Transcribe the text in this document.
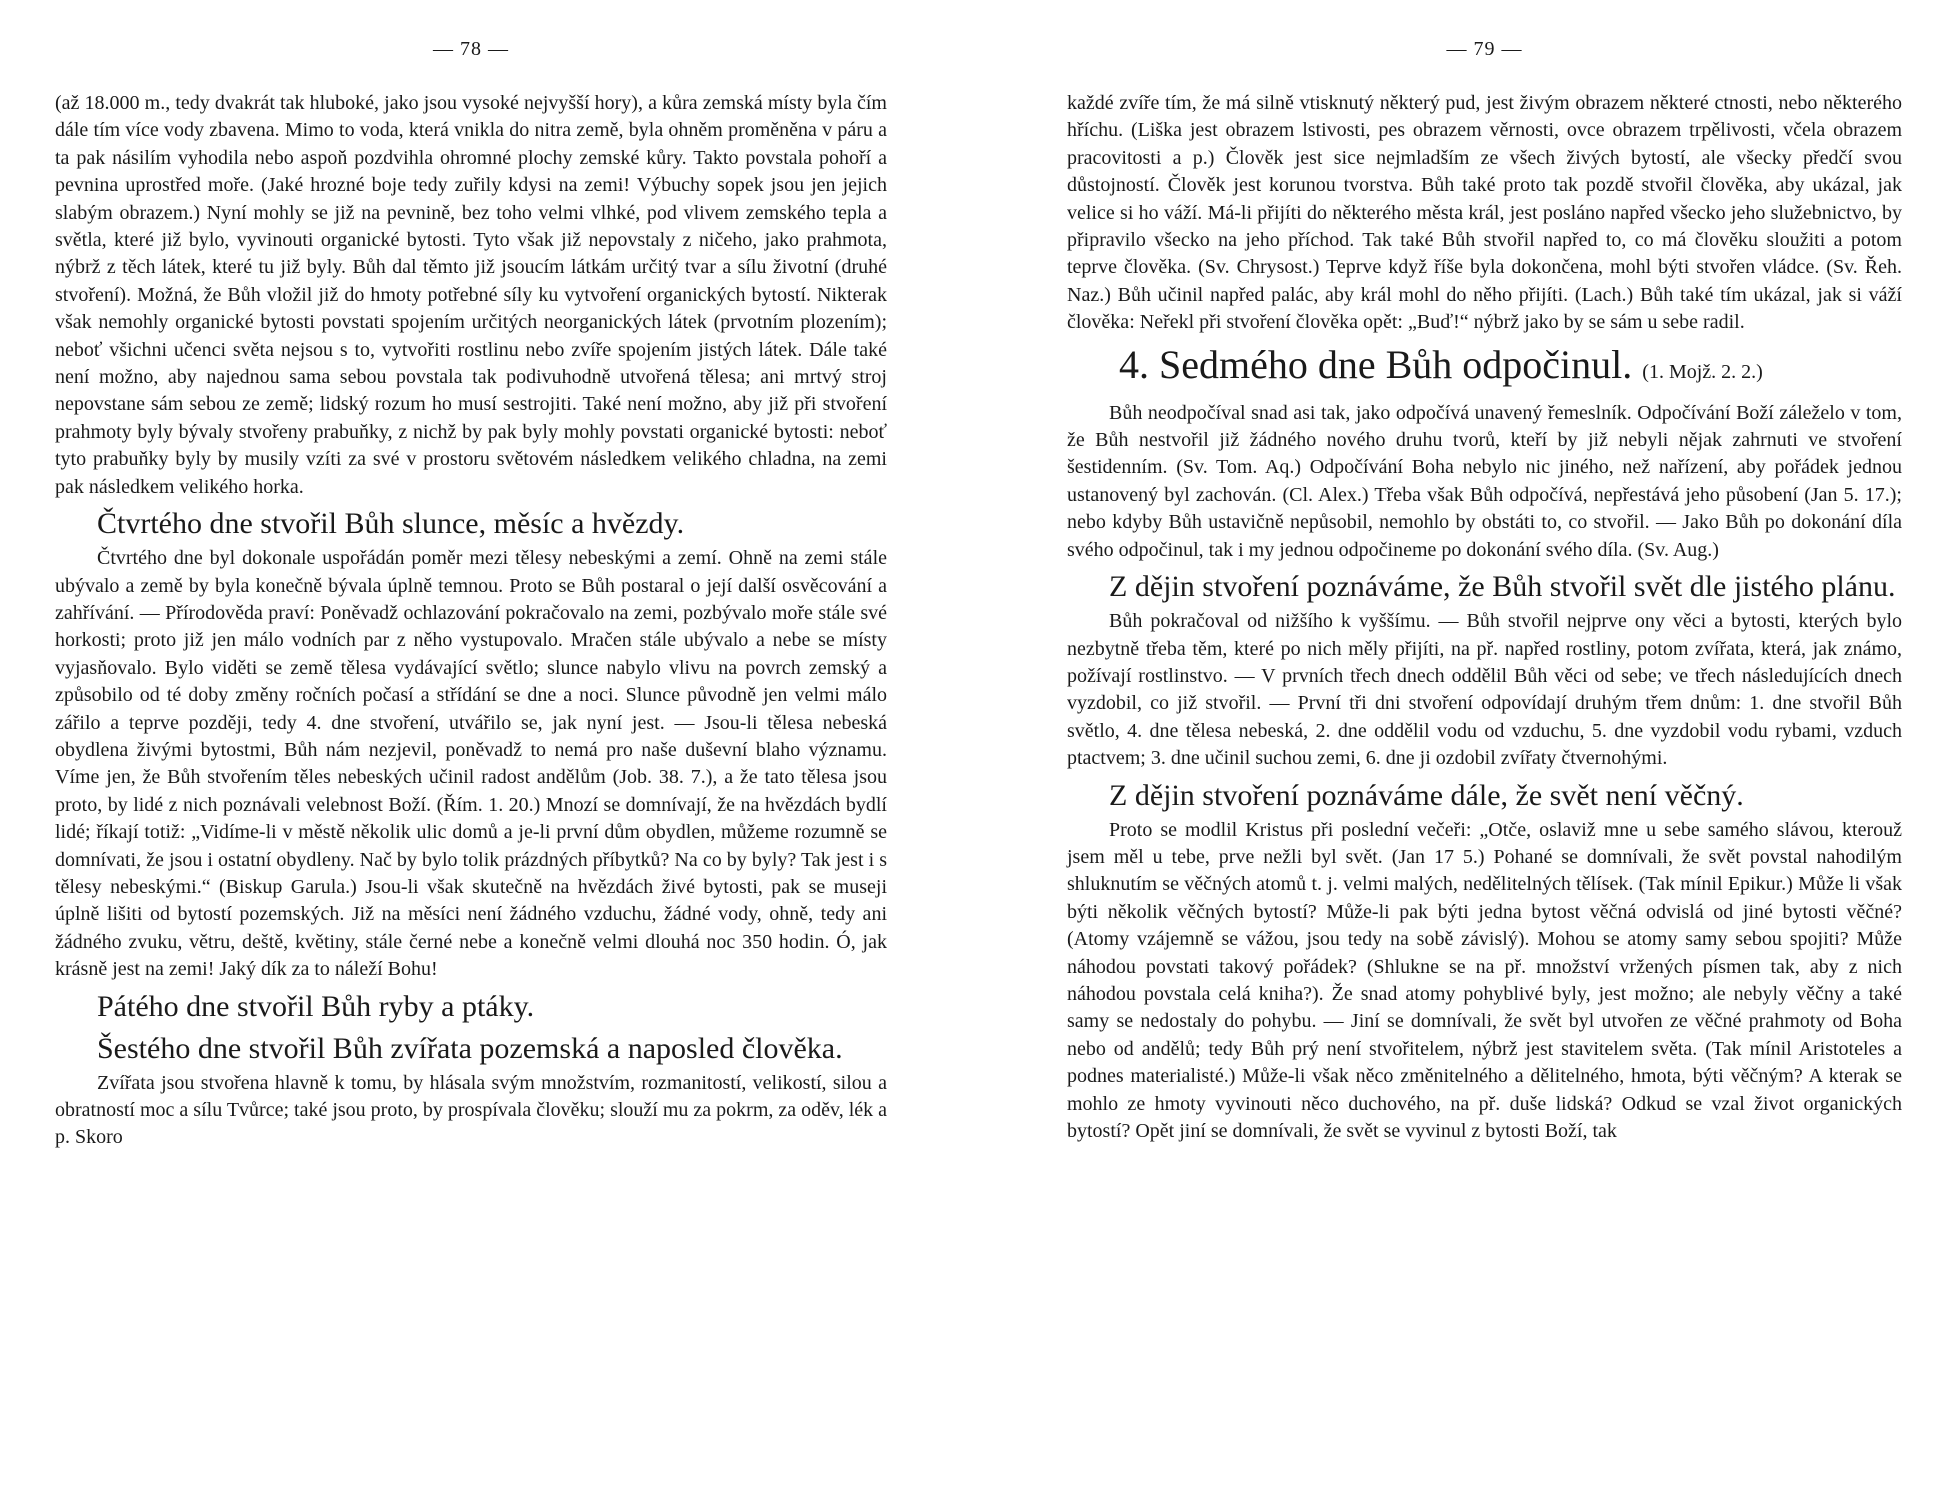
— 78 —

(až 18.000 m., tedy dvakrát tak hluboké, jako jsou vysoké nejvyšší hory), a kůra zemská místy byla čím dále tím více vody zbavena. Mimo to voda, která vnikla do nitra země, byla ohněm proměněna v páru a ta pak násilím vyhodila nebo aspoň pozdvihla ohromné plochy zemské kůry. Takto povstala pohoří a pevnina uprostřed moře. (Jaké hrozné boje tedy zuřily kdysi na zemi! Výbuchy sopek jsou jen jejich slabým obrazem.) Nyní mohly se již na pevnině, bez toho velmi vlhké, pod vlivem zemského tepla a světla, které již bylo, vyvinouti organické bytosti. Tyto však již nepovstaly z ničeho, jako prahmota, nýbrž z těch látek, které tu již byly. Bůh dal těmto již jsoucím látkám určitý tvar a sílu životní (druhé stvoření). Možná, že Bůh vložil již do hmoty potřebné síly ku vytvoření organických bytostí. Nikterak však nemohly organické bytosti povstati spojením určitých neorganických látek (prvotním plozením); neboť všichni učenci světa nejsou s to, vytvořiti rostlinu nebo zvíře spojením jistých látek. Dále také není možno, aby najednou sama sebou povstala tak podivuhodně utvořená tělesa; ani mrtvý stroj nepovstane sám sebou ze země; lidský rozum ho musí sestrojiti. Také není možno, aby již při stvoření prahmoty byly bývaly stvořeny prabuňky, z nichž by pak byly mohly povstati organické bytosti: neboť tyto prabuňky byly by musily vzíti za své v prostoru světovém následkem velikého chladna, na zemi pak následkem velikého horka.

Čtvrtého dne stvořil Bůh slunce, měsíc a hvězdy.

Čtvrtého dne byl dokonale uspořádán poměr mezi tělesy nebeskými a zemí. Ohně na zemi stále ubývalo a země by byla konečně bývala úplně temnou. Proto se Bůh postaral o její další osvěcování a zahřívání. — Přírodověda praví: Poněvadž ochlazování pokračovalo na zemi, pozbývalo moře stále své horkosti; proto již jen málo vodních par z něho vystupovalo. Mračen stále ubývalo a nebe se místy vyjasňovalo. Bylo viděti se země tělesa vydávající světlo; slunce nabylo vlivu na povrch zemský a způsobilo od té doby změny ročních počasí a střídání se dne a noci. Slunce původně jen velmi málo zářilo a teprve později, tedy 4. dne stvoření, utvářilo se, jak nyní jest. — Jsou-li tělesa nebeská obydlena živými bytostmi, Bůh nám nezjevil, poněvadž to nemá pro naše duševní blaho významu. Víme jen, že Bůh stvořením těles nebeských učinil radost andělům (Job. 38. 7.), a že tato tělesa jsou proto, by lidé z nich poznávali velebnost Boží. (Řím. 1. 20.) Mnozí se domnívají, že na hvězdách bydlí lidé; říkají totiž: „Vidíme-li v městě několik ulic domů a je-li první dům obydlen, můžeme rozumně se domnívati, že jsou i ostatní obydleny. Nač by bylo tolik prázdných příbytků? Na co by byly? Tak jest i s tělesy nebeskými.“ (Biskup Garula.) Jsou-li však skutečně na hvězdách živé bytosti, pak se museji úplně lišiti od bytostí pozemských. Již na měsíci není žádného vzduchu, žádné vody, ohně, tedy ani žádného zvuku, větru, deště, květiny, stále černé nebe a konečně velmi dlouhá noc 350 hodin. Ó, jak krásně jest na zemi! Jaký dík za to náleží Bohu!

Pátého dne stvořil Bůh ryby a ptáky.
Šestého dne stvořil Bůh zvířata pozemská a naposled člověka.

Zvířata jsou stvořena hlavně k tomu, by hlásala svým množstvím, rozmanitostí, velikostí, silou a obratností moc a sílu Tvůrce; také jsou proto, by prospívala člověku; slouží mu za pokrm, za oděv, lék a p. Skoro

— 79 —

každé zvíře tím, že má silně vtisknutý některý pud, jest živým obrazem některé ctnosti, nebo některého hříchu. (Liška jest obrazem lstivosti, pes obrazem věrnosti, ovce obrazem trpělivosti, včela obrazem pracovitosti a p.) Člověk jest sice nejmladším ze všech živých bytostí, ale všecky předčí svou důstojností. Člověk jest korunou tvorstva. Bůh také proto tak pozdě stvořil člověka, aby ukázal, jak velice si ho váží. Má-li přijíti do některého města král, jest posláno napřed všecko jeho služebnictvo, by připravilo všecko na jeho příchod. Tak také Bůh stvořil napřed to, co má člověku sloužiti a potom teprve člověka. (Sv. Chrysost.) Teprve když říše byla dokončena, mohl býti stvořen vládce. (Sv. Řeh. Naz.) Bůh učinil napřed palác, aby král mohl do něho přijíti. (Lach.) Bůh také tím ukázal, jak si váží člověka: Neřekl při stvoření člověka opět: „Buď!“ nýbrž jako by se sám u sebe radil.

4. Sedmého dne Bůh odpočinul. (1. Mojž. 2. 2.)

Bůh neodpočíval snad asi tak, jako odpočívá unavený řemeslník. Odpočívání Boží záleželo v tom, že Bůh nestvořil již žádného nového druhu tvorů, kteří by již nebyli nějak zahrnuti ve stvoření šestidenním. (Sv. Tom. Aq.) Odpočívání Boha nebylo nic jiného, než nařízení, aby pořádek jednou ustanovený byl zachován. (Cl. Alex.) Třeba však Bůh odpočívá, nepřestává jeho působení (Jan 5. 17.); nebo kdyby Bůh ustavičně nepůsobil, nemohlo by obstáti to, co stvořil. — Jako Bůh po dokonání díla svého odpočinul, tak i my jednou odpočineme po dokonání svého díla. (Sv. Aug.)

Z dějin stvoření poznáváme, že Bůh stvořil svět dle jistého plánu.

Bůh pokračoval od nižšího k vyššímu. — Bůh stvořil nejprve ony věci a bytosti, kterých bylo nezbytně třeba těm, které po nich měly přijíti, na př. napřed rostliny, potom zvířata, která, jak známo, požívají rostlinstvo. — V prvních třech dnech oddělil Bůh věci od sebe; ve třech následujících dnech vyzdobil, co již stvořil. — První tři dni stvoření odpovídají druhým třem dnům: 1. dne stvořil Bůh světlo, 4. dne tělesa nebeská, 2. dne oddělil vodu od vzduchu, 5. dne vyzdobil vodu rybami, vzduch ptactvem; 3. dne učinil suchou zemi, 6. dne ji ozdobil zvířaty čtvernohými.

Z dějin stvoření poznáváme dále, že svět není věčný.

Proto se modlil Kristus při poslední večeři: „Otče, oslaviž mne u sebe samého slávou, kterouž jsem měl u tebe, prve nežli byl svět. (Jan 17 5.) Pohané se domnívali, že svět povstal nahodilým shluknutím se věčných atomů t. j. velmi malých, nedělitelných tělísek. (Tak mínil Epikur.) Může li však býti několik věčných bytostí? Může-li pak býti jedna bytost věčná odvislá od jiné bytosti věčné? (Atomy vzájemně se vážou, jsou tedy na sobě závislý). Mohou se atomy samy sebou spojiti? Může náhodou povstati takový pořádek? (Shlukne se na př. množství vržených písmen tak, aby z nich náhodou povstala celá kniha?). Že snad atomy pohyblivé byly, jest možno; ale nebyly věčny a také samy se nedostaly do pohybu. — Jiní se domnívali, že svět byl utvořen ze věčné prahmoty od Boha nebo od andělů; tedy Bůh prý není stvořitelem, nýbrž jest stavitelem světa. (Tak mínil Aristoteles a podnes materialisté.) Může-li však něco změnitelného a dělitelného, hmota, býti věčným? A kterak se mohlo ze hmoty vyvinouti něco duchového, na př. duše lidská? Odkud se vzal život organických bytostí? Opět jiní se domnívali, že svět se vyvinul z bytosti Boží, tak
